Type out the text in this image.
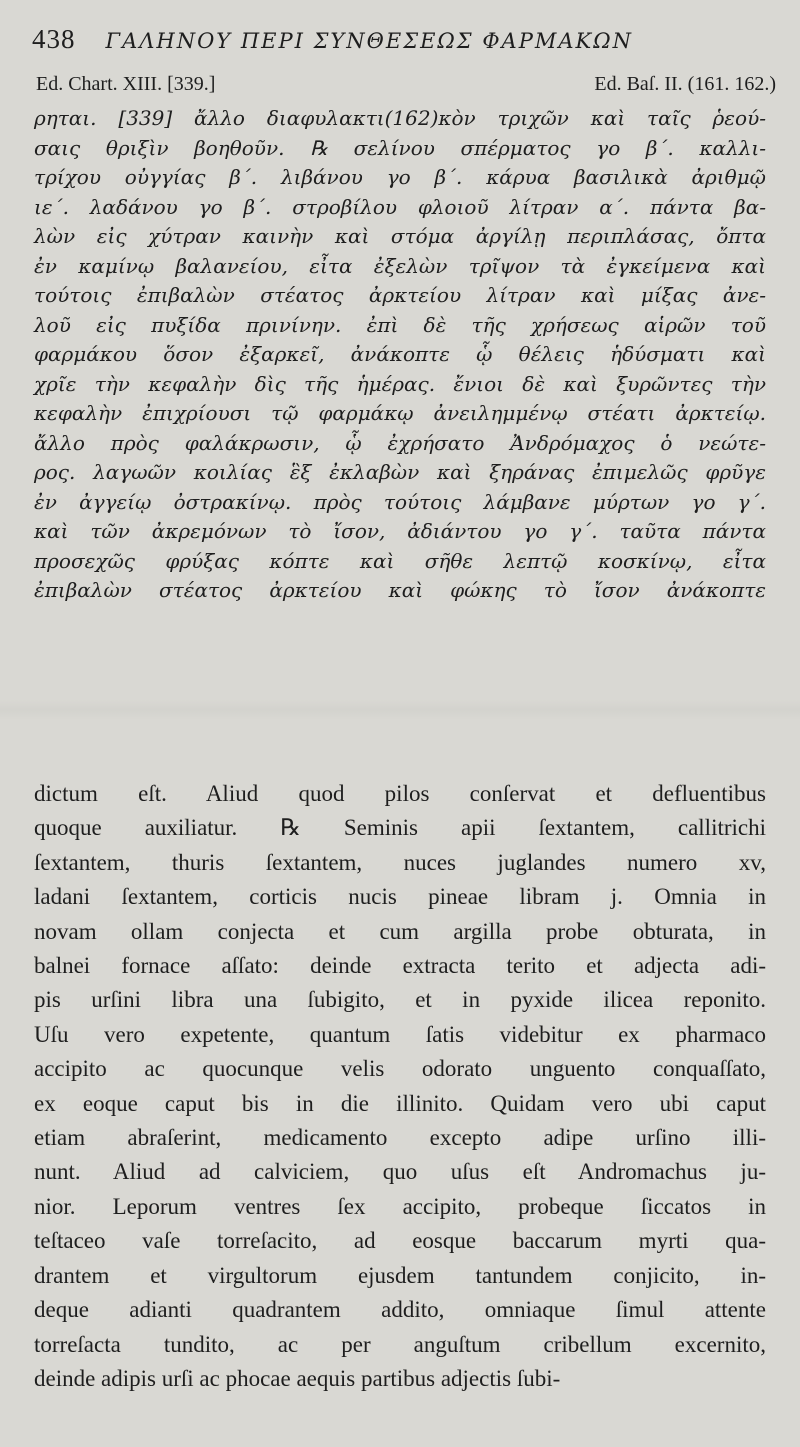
438 ΓΑΛΗΝΟΥ ΠΕΡΙ ΣΥΝΘΕΣΕΩΣ ΦΑΡΜΑΚΩΝ
Ed. Chart. XIII. [339.]	Ed. Baſ. II. (161. 162.)
ρηται. [339] ἄλλο διαφυλακτι(162)κὸν τριχῶν καὶ ταῖς ῥεού-
σαις θριξὶν βοηθοῦν. ℞ σελίνου σπέρματος γο β΄. καλλι-
τρίχου οὐγγίας β΄. λιβάνου γο β΄. κάρυα βασιλικὰ ἀριθμῷ
ιε΄. λαδάνου γο β΄. στροβίλου φλοιοῦ λίτραν α΄. πάντα βα-
λὼν εἰς χύτραν καινὴν καὶ στόμα ἀργίλῃ περιπλάσας, ὄπτα
ἐν καμίνῳ βαλανείου, εἶτα ἐξελὼν τρῖψον τὰ ἐγκείμενα καὶ
τούτοις ἐπιβαλὼν στέατος ἀρκτείου λίτραν καὶ μίξας ἀνε-
λοῦ εἰς πυξίδα πρινίνην. ἐπὶ δὲ τῆς χρήσεως αἱρῶν τοῦ
φαρμάκου ὅσον ἐξαρκεῖ, ἀνάκοπτε ᾧ θέλεις ἡδύσματι καὶ
χρῖε τὴν κεφαλὴν δὶς τῆς ἡμέρας. ἔνιοι δὲ καὶ ξυρῶντες τὴν
κεφαλὴν ἐπιχρίουσι τῷ φαρμάκῳ ἀνειλημμένῳ στέατι ἀρκτείῳ.
ἄλλο πρὸς φαλάκρωσιν, ᾧ ἐχρήσατο Ἀνδρόμαχος ὁ νεώτε-
ρος. λαγωῶν κοιλίας ἓξ ἐκλαβὼν καὶ ξηράνας ἐπιμελῶς φρῦγε
ἐν ἀγγείῳ ὀστρακίνῳ. πρὸς τούτοις λάμβανε μύρτων γο γ΄.
καὶ τῶν ἀκρεμόνων τὸ ἴσον, ἀδιάντου γο γ΄. ταῦτα πάντα
προσεχῶς φρύξας κόπτε καὶ σῆθε λεπτῷ κοσκίνῳ, εἶτα
ἐπιβαλὼν στέατος ἀρκτείου καὶ φώκης τὸ ἴσον ἀνάκοπτε
dictum eſt. Aliud quod pilos conſervat et defluentibus
quoque auxiliatur. ℞ Seminis apii ſextantem, callitrichi
ſextantem, thuris ſextantem, nuces juglandes numero xv,
ladani ſextantem, corticis nucis pineae libram j. Omnia in
novam ollam conjecta et cum argilla probe obturata, in
balnei fornace aſſato: deinde extracta terito et adjecta adi-
pis urſini libra una ſubigito, et in pyxide ilicea reponito.
Uſu vero expetente, quantum ſatis videbitur ex pharmaco
accipito ac quocunque velis odorato unguento conquaſſato,
ex eoque caput bis in die illinito. Quidam vero ubi caput
etiam abraſerint, medicamento excepto adipe urſino illi-
nunt. Aliud ad calviciem, quo uſus eſt Andromachus ju-
nior. Leporum ventres ſex accipito, probeque ſiccatos in
teſtaceo vaſe torreſacito, ad eosque baccarum myrti qua-
drantem et virgultorum ejusdem tantundem conjicito, in-
deque adianti quadrantem addito, omniaque ſimul attente
torreſacta tundito, ac per anguſtum cribellum excernito,
deinde adipis urſi ac phocae aequis partibus adjectis ſubi-
